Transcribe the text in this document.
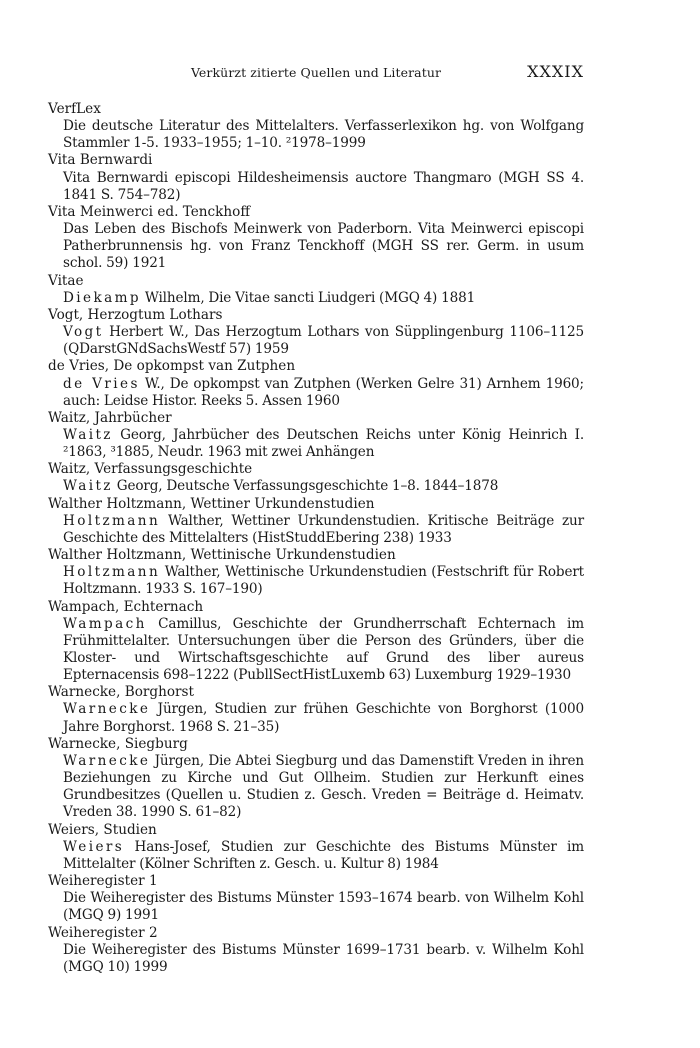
Verkürzt zitierte Quellen und Literatur	XXXIX
VerfLex
Die deutsche Literatur des Mittelalters. Verfasserlexikon hg. von Wolfgang Stammler 1-5. 1933–1955; 1–10. ²1978–1999
Vita Bernwardi
Vita Bernwardi episcopi Hildesheimensis auctore Thangmaro (MGH SS 4. 1841 S. 754–782)
Vita Meinwerci ed. Tenckhoff
Das Leben des Bischofs Meinwerk von Paderborn. Vita Meinwerci episcopi Patherbrunnensis hg. von Franz Tenckhoff (MGH SS rer. Germ. in usum schol. 59) 1921
Vitae
Diekamp Wilhelm, Die Vitae sancti Liudgeri (MGQ 4) 1881
Vogt, Herzogtum Lothars
Vogt Herbert W., Das Herzogtum Lothars von Süpplingenburg 1106–1125 (QDarstGNdSachsWestf 57) 1959
de Vries, De opkompst van Zutphen
de Vries W., De opkompst van Zutphen (Werken Gelre 31) Arnhem 1960; auch: Leidse Histor. Reeks 5. Assen 1960
Waitz, Jahrbücher
Waitz Georg, Jahrbücher des Deutschen Reichs unter König Heinrich I. ²1863, ³1885, Neudr. 1963 mit zwei Anhängen
Waitz, Verfassungsgeschichte
Waitz Georg, Deutsche Verfassungsgeschichte 1–8. 1844–1878
Walther Holtzmann, Wettiner Urkundenstudien
Holtzmann Walther, Wettiner Urkundenstudien. Kritische Beiträge zur Geschichte des Mittelalters (HistStuddEbering 238) 1933
Walther Holtzmann, Wettinische Urkundenstudien
Holtzmann Walther, Wettinische Urkundenstudien (Festschrift für Robert Holtzmann. 1933 S. 167–190)
Wampach, Echternach
Wampach Camillus, Geschichte der Grundherrschaft Echternach im Frühmittelalter. Untersuchungen über die Person des Gründers, über die Kloster- und Wirtschaftsgeschichte auf Grund des liber aureus Epternacensis 698–1222 (PubllSectHistLuxemb 63) Luxemburg 1929–1930
Warnecke, Borghorst
Warnecke Jürgen, Studien zur frühen Geschichte von Borghorst (1000 Jahre Borghorst. 1968 S. 21–35)
Warnecke, Siegburg
Warnecke Jürgen, Die Abtei Siegburg und das Damenstift Vreden in ihren Beziehungen zu Kirche und Gut Ollheim. Studien zur Herkunft eines Grundbesitzes (Quellen u. Studien z. Gesch. Vreden = Beiträge d. Heimatv. Vreden 38. 1990 S. 61–82)
Weiers, Studien
Weiers Hans-Josef, Studien zur Geschichte des Bistums Münster im Mittelalter (Kölner Schriften z. Gesch. u. Kultur 8) 1984
Weiheregister 1
Die Weiheregister des Bistums Münster 1593–1674 bearb. von Wilhelm Kohl (MGQ 9) 1991
Weiheregister 2
Die Weiheregister des Bistums Münster 1699–1731 bearb. v. Wilhelm Kohl (MGQ 10) 1999
